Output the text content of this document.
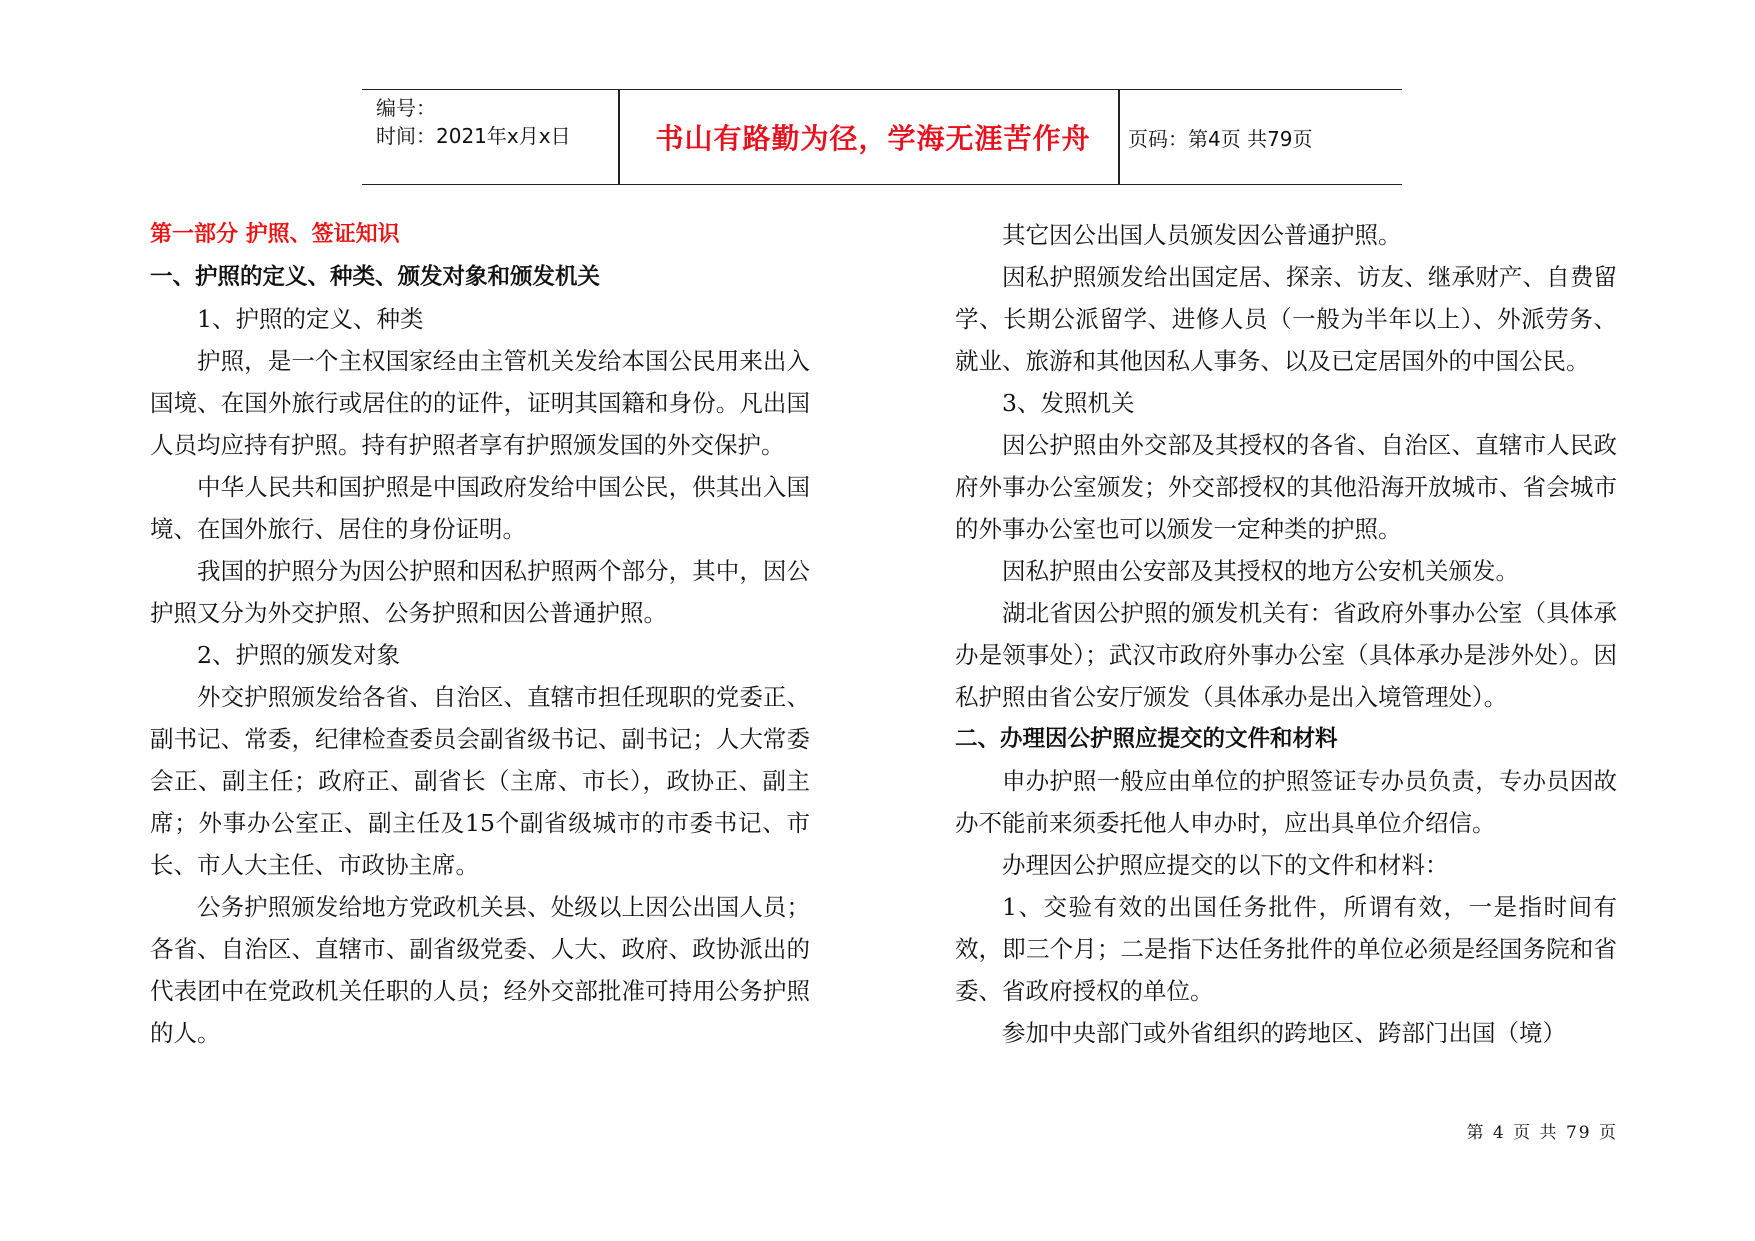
编号：
时间：2021年x月x日	书山有路勤为径，学海无涯苦作舟	页码：第4页 共79页

第一部分 护照、签证知识

一、护照的定义、种类、颁发对象和颁发机关

1、护照的定义、种类

护照，是一个主权国家经由主管机关发给本国公民用来出入国境、在国外旅行或居住的的证件，证明其国籍和身份。凡出国人员均应持有护照。持有护照者享有护照颁发国的外交保护。

中华人民共和国护照是中国政府发给中国公民，供其出入国境、在国外旅行、居住的身份证明。

我国的护照分为因公护照和因私护照两个部分，其中，因公护照又分为外交护照、公务护照和因公普通护照。

2、护照的颁发对象

外交护照颁发给各省、自治区、直辖市担任现职的党委正、副书记、常委，纪律检查委员会副省级书记、副书记；人大常委会正、副主任；政府正、副省长（主席、市长），政协正、副主席；外事办公室正、副主任及15个副省级城市的市委书记、市长、市人大主任、市政协主席。

公务护照颁发给地方党政机关县、处级以上因公出国人员；各省、自治区、直辖市、副省级党委、人大、政府、政协派出的代表团中在党政机关任职的人员；经外交部批准可持用公务护照的人。

其它因公出国人员颁发因公普通护照。

因私护照颁发给出国定居、探亲、访友、继承财产、自费留学、长期公派留学、进修人员（一般为半年以上）、外派劳务、就业、旅游和其他因私人事务、以及已定居国外的中国公民。

3、发照机关

因公护照由外交部及其授权的各省、自治区、直辖市人民政府外事办公室颁发；外交部授权的其他沿海开放城市、省会城市的外事办公室也可以颁发一定种类的护照。

因私护照由公安部及其授权的地方公安机关颁发。

湖北省因公护照的颁发机关有：省政府外事办公室（具体承办是领事处）；武汉市政府外事办公室（具体承办是涉外处）。因私护照由省公安厅颁发（具体承办是出入境管理处）。

二、办理因公护照应提交的文件和材料

申办护照一般应由单位的护照签证专办员负责，专办员因故办不能前来须委托他人申办时，应出具单位介绍信。

办理因公护照应提交的以下的文件和材料：

1、交验有效的出国任务批件，所谓有效，一是指时间有效，即三个月；二是指下达任务批件的单位必须是经国务院和省委、省政府授权的单位。

参加中央部门或外省组织的跨地区、跨部门出国（境）

第 4 页 共 79 页
